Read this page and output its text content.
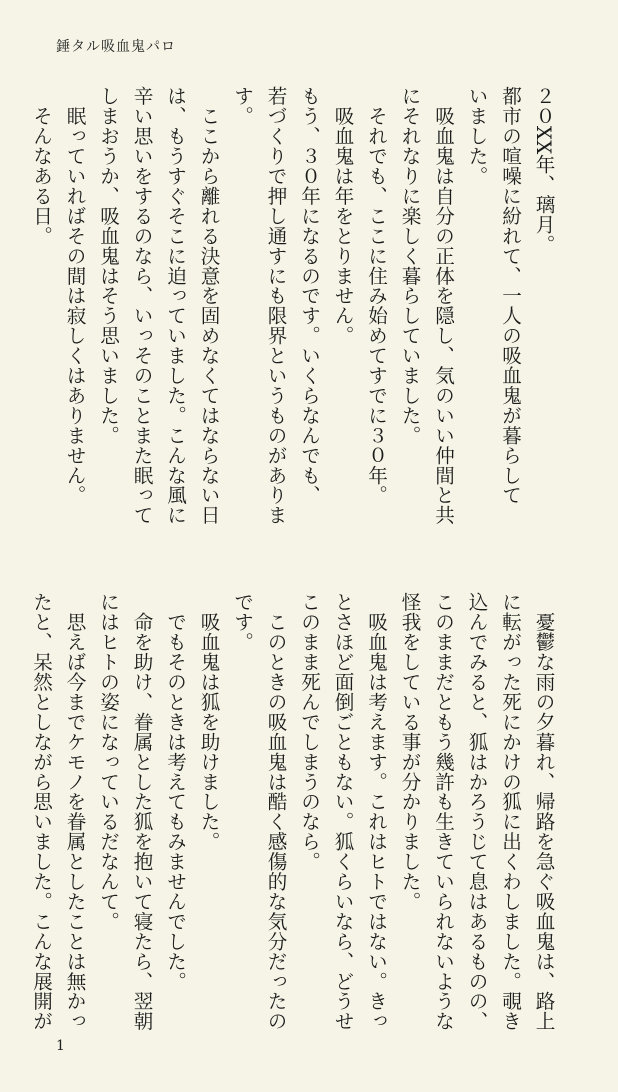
錘タル吸血鬼パロ
２０XX年、璃月。
都市の喧噪に紛れて、一人の吸血鬼が暮らして
いました。
　吸血鬼は自分の正体を隠し、気のいい仲間と共
にそれなりに楽しく暮らしていました。
　それでも、ここに住み始めてすでに３０年。
　吸血鬼は年をとりません。
もう、３０年になるのです。いくらなんでも、
若づくりで押し通すにも限界というものがありま
す。
　ここから離れる決意を固めなくてはならない日
は、もうすぐそこに迫っていました。こんな風に
辛い思いをするのなら、いっそのことまた眠って
しまおうか、吸血鬼はそう思いました。
　眠っていればその間は寂しくはありません。
　そんなある日。
　憂鬱な雨の夕暮れ、帰路を急ぐ吸血鬼は、路上
に転がった死にかけの狐に出くわしました。覗き
込んでみると、狐はかろうじて息はあるものの、
このままだともう幾許も生きていられないような
怪我をしている事が分かりました。
　吸血鬼は考えます。これはヒトではない。きっ
とさほど面倒ごともない。狐くらいなら、どうせ
このまま死んでしまうのなら。
　このときの吸血鬼は酷く感傷的な気分だったの
です。
　吸血鬼は狐を助けました。
　でもそのときは考えてもみませんでした。
　命を助け、眷属とした狐を抱いて寝たら、翌朝
にはヒトの姿になっているだなんて。
　思えば今までケモノを眷属としたことは無かっ
たと、呆然としながら思いました。こんな展開が
1
